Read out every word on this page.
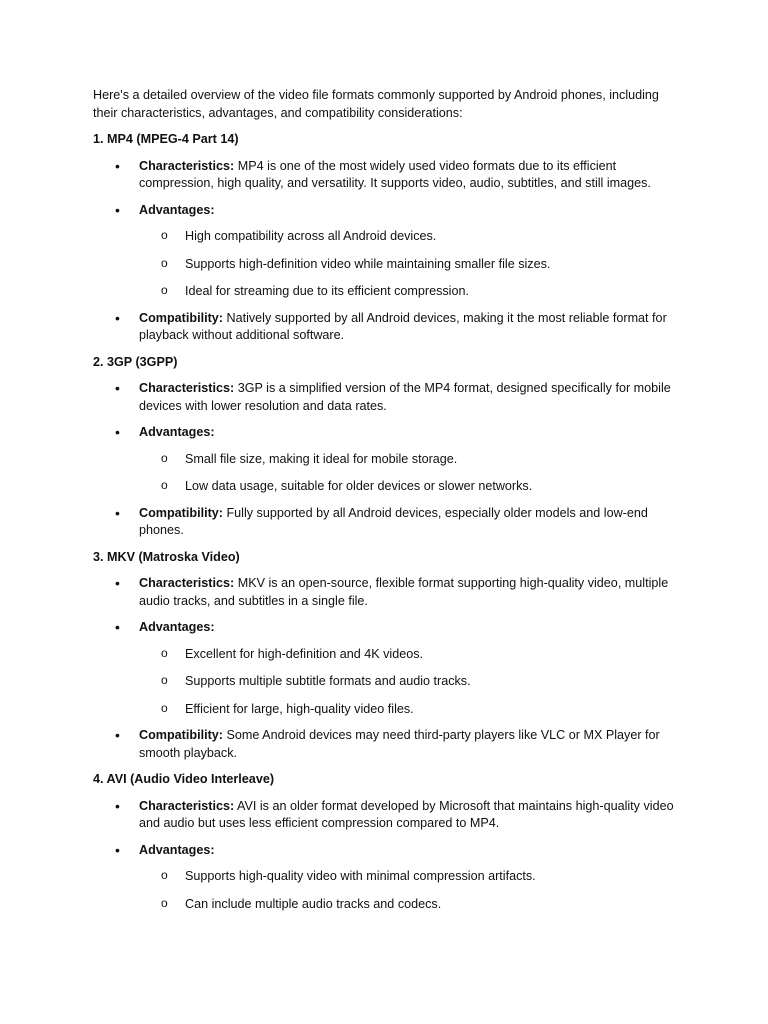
Here's a detailed overview of the video file formats commonly supported by Android phones, including their characteristics, advantages, and compatibility considerations:

1. MP4 (MPEG-4 Part 14)

•	Characteristics: MP4 is one of the most widely used video formats due to its efficient compression, high quality, and versatility. It supports video, audio, subtitles, and still images.
•	Advantages:
o High compatibility across all Android devices.
o Supports high-definition video while maintaining smaller file sizes.
o Ideal for streaming due to its efficient compression.
•	Compatibility: Natively supported by all Android devices, making it the most reliable format for playback without additional software.

2. 3GP (3GPP)

•	Characteristics: 3GP is a simplified version of the MP4 format, designed specifically for mobile devices with lower resolution and data rates.
•	Advantages:
o Small file size, making it ideal for mobile storage.
o Low data usage, suitable for older devices or slower networks.
•	Compatibility: Fully supported by all Android devices, especially older models and low-end phones.

3. MKV (Matroska Video)

•	Characteristics: MKV is an open-source, flexible format supporting high-quality video, multiple audio tracks, and subtitles in a single file.
•	Advantages:
o Excellent for high-definition and 4K videos.
o Supports multiple subtitle formats and audio tracks.
o Efficient for large, high-quality video files.
•	Compatibility: Some Android devices may need third-party players like VLC or MX Player for smooth playback.

4. AVI (Audio Video Interleave)

•	Characteristics: AVI is an older format developed by Microsoft that maintains high-quality video and audio but uses less efficient compression compared to MP4.
•	Advantages:
o Supports high-quality video with minimal compression artifacts.
o Can include multiple audio tracks and codecs.
